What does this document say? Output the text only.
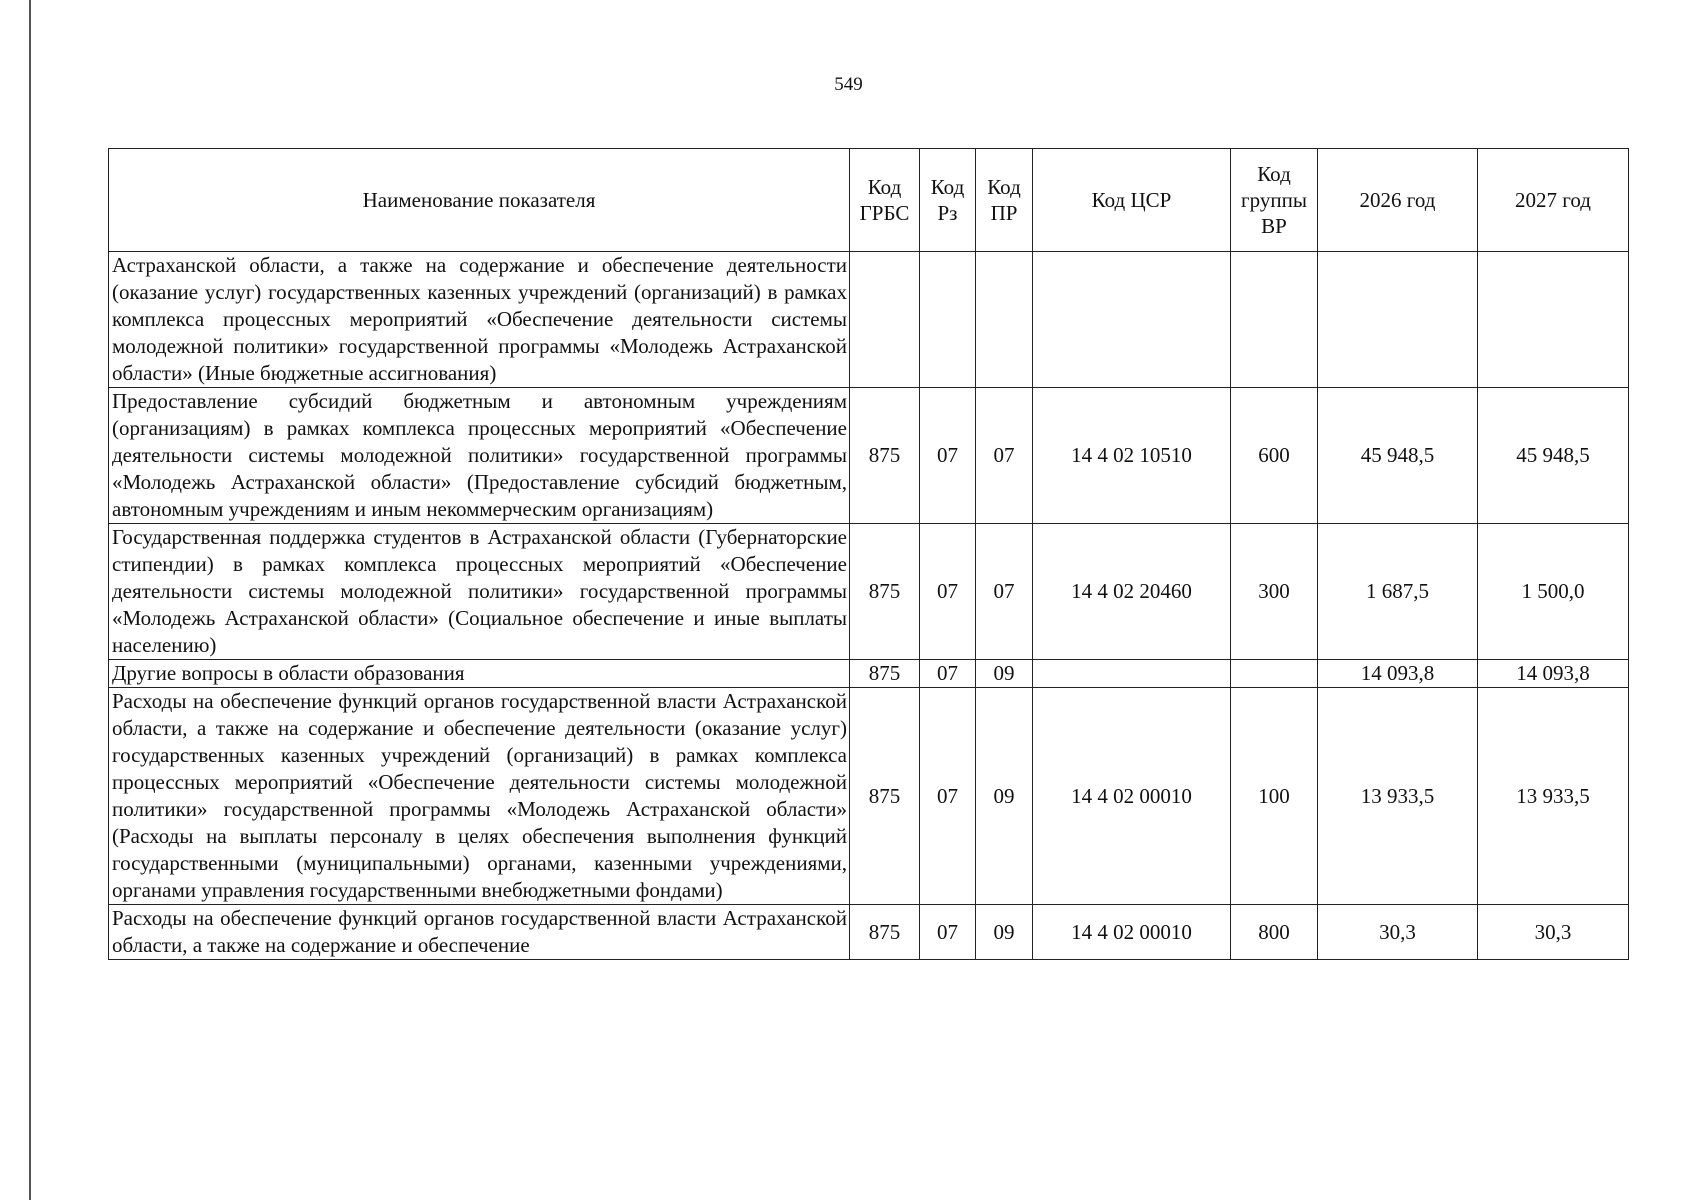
549
Наименование показателя	Код ГРБС	Код Рз	Код ПР	Код ЦСР	Код группы ВР	2026 год	2027 год
Астраханской области, а также на содержание и обеспечение деятельности (оказание услуг) государственных казенных учреждений (организаций) в рамках комплекса процессных мероприятий «Обеспечение деятельности системы молодежной политики» государственной программы «Молодежь Астраханской области» (Иные бюджетные ассигнования)							
Предоставление субсидий бюджетным и автономным учреждениям (организациям) в рамках комплекса процессных мероприятий «Обеспечение деятельности системы молодежной политики» государственной программы «Молодежь Астраханской области» (Предоставление субсидий бюджетным, автономным учреждениям и иным некоммерческим организациям)	875	07	07	14 4 02 10510	600	45 948,5	45 948,5
Государственная поддержка студентов в Астраханской области (Губернаторские стипендии) в рамках комплекса процессных мероприятий «Обеспечение деятельности системы молодежной политики» государственной программы «Молодежь Астраханской области» (Социальное обеспечение и иные выплаты населению)	875	07	07	14 4 02 20460	300	1 687,5	1 500,0
Другие вопросы в области образования	875	07	09			14 093,8	14 093,8
Расходы на обеспечение функций органов государственной власти Астраханской области, а также на содержание и обеспечение деятельности (оказание услуг) государственных казенных учреждений (организаций) в рамках комплекса процессных мероприятий «Обеспечение деятельности системы молодежной политики» государственной программы «Молодежь Астраханской области» (Расходы на выплаты персоналу в целях обеспечения выполнения функций государственными (муниципальными) органами, казенными учреждениями, органами управления государственными внебюджетными фондами)	875	07	09	14 4 02 00010	100	13 933,5	13 933,5
Расходы на обеспечение функций органов государственной власти Астраханской области, а также на содержание и обеспечение	875	07	09	14 4 02 00010	800	30,3	30,3
